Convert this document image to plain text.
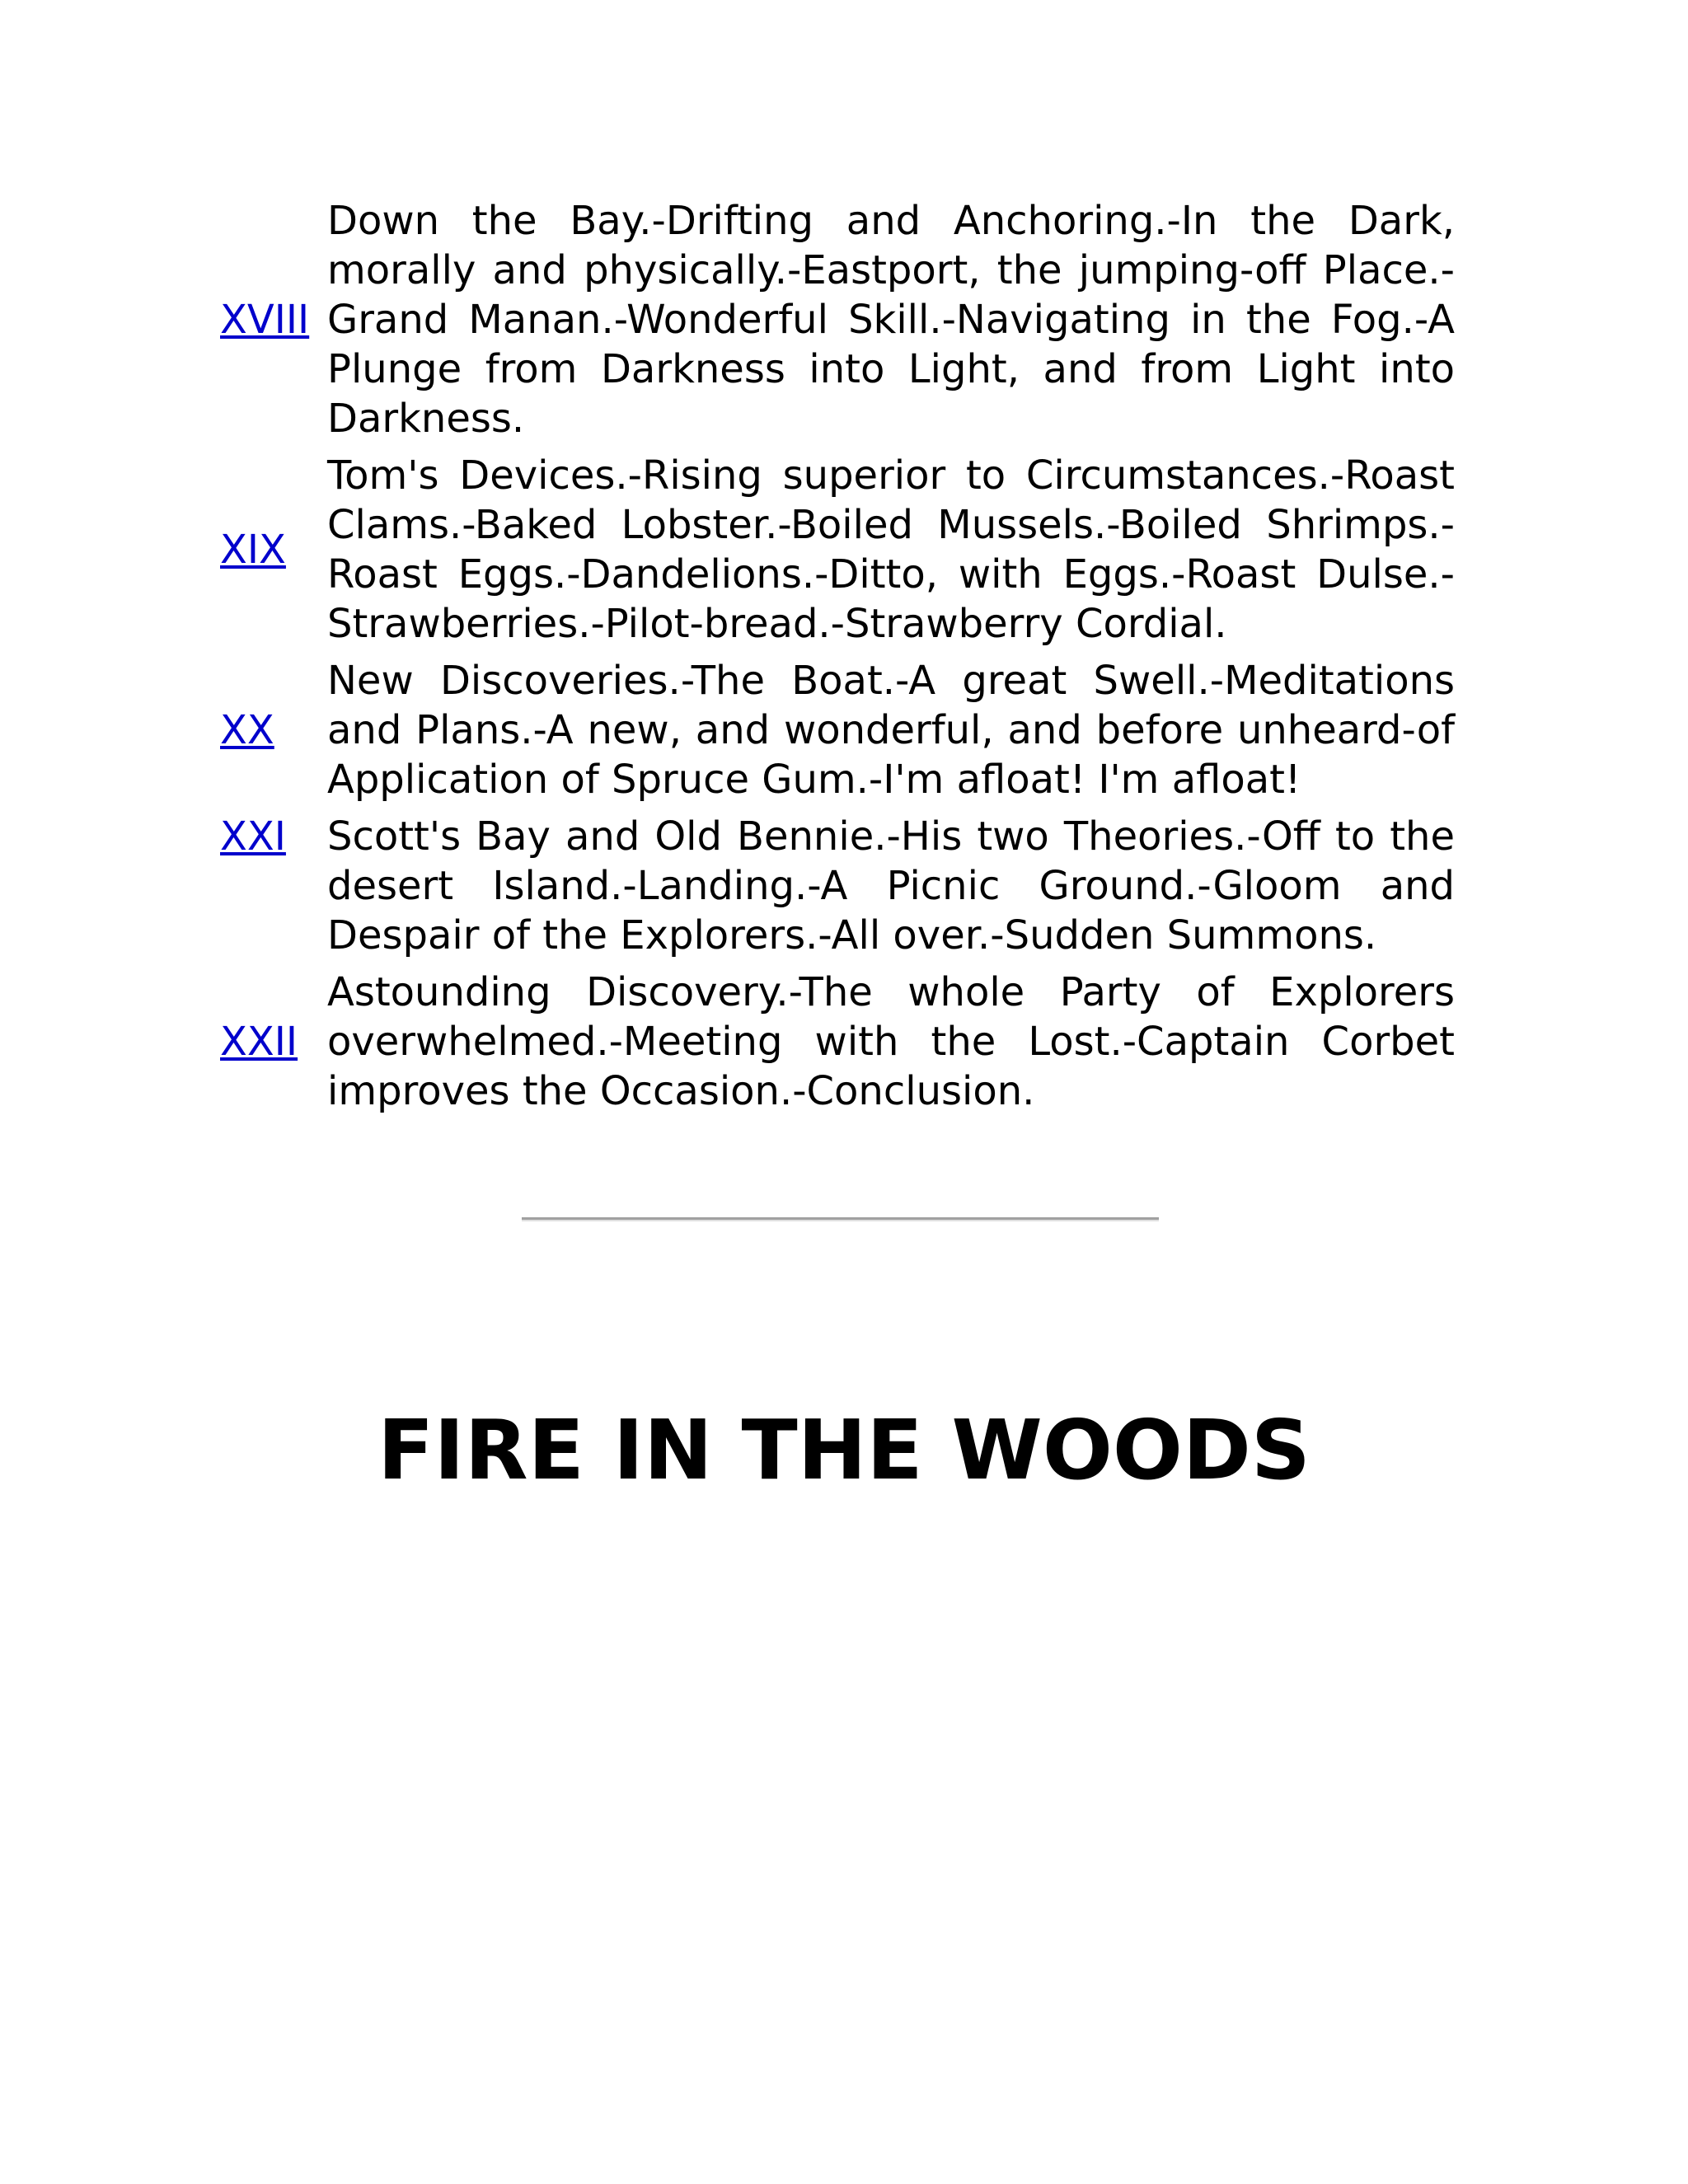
XVIII
Down the Bay.-Drifting and Anchoring.-In the Dark, morally and physically.-Eastport, the jumping-off Place.-Grand Manan.-Wonderful Skill.-Navigating in the Fog.-A Plunge from Darkness into Light, and from Light into Darkness.
XIX
Tom's Devices.-Rising superior to Circumstances.-Roast Clams.-Baked Lobster.-Boiled Mussels.-Boiled Shrimps.-Roast Eggs.-Dandelions.-Ditto, with Eggs.-Roast Dulse.-Strawberries.-Pilot-bread.-Strawberry Cordial.
XX
New Discoveries.-The Boat.-A great Swell.-Meditations and Plans.-A new, and wonderful, and before unheard-of Application of Spruce Gum.-I'm afloat! I'm afloat!
XXI	Scott's Bay and Old Bennie.-His two Theories.-Off to the desert Island.-Landing.-A Picnic Ground.-Gloom and Despair of the Explorers.-All over.-Sudden Summons.
XXII
Astounding Discovery.-The whole Party of Explorers overwhelmed.-Meeting with the Lost.-Captain Corbet improves the Occasion.-Conclusion.
FIRE IN THE WOODS
